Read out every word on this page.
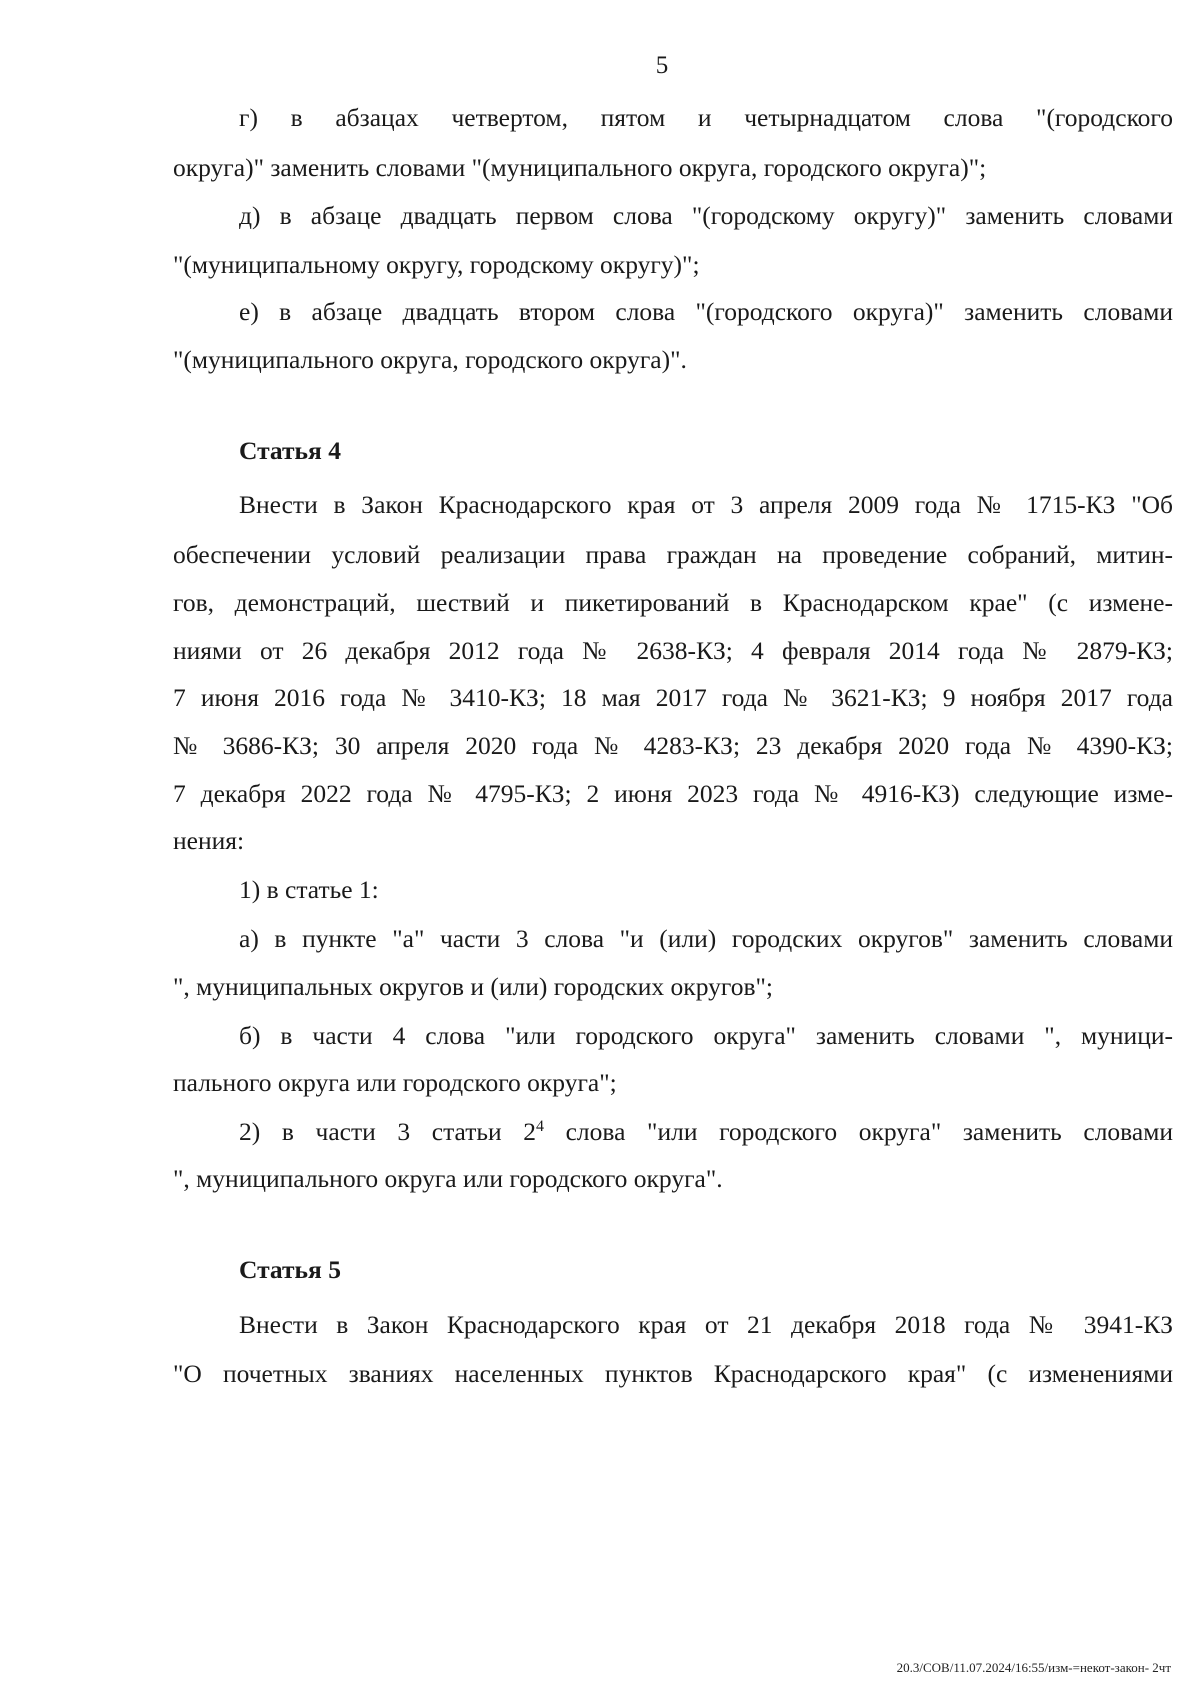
5
г) в абзацах четвертом, пятом и четырнадцатом слова "(городского
округа)" заменить словами "(муниципального округа, городского округа)";
д) в абзаце двадцать первом слова "(городскому округу)" заменить словами
"(муниципальному округу, городскому округу)";
е) в абзаце двадцать втором слова "(городского округа)" заменить словами
"(муниципального округа, городского округа)".
Статья 4
Внести в Закон Краснодарского края от 3 апреля 2009 года № 1715-КЗ "Об
обеспечении условий реализации права граждан на проведение собраний, митин-
гов, демонстраций, шествий и пикетирований в Краснодарском крае" (с измене-
ниями от 26 декабря 2012 года № 2638-КЗ; 4 февраля 2014 года № 2879-КЗ;
7 июня 2016 года № 3410-КЗ; 18 мая 2017 года № 3621-КЗ; 9 ноября 2017 года
№ 3686-КЗ; 30 апреля 2020 года № 4283-КЗ; 23 декабря 2020 года № 4390-КЗ;
7 декабря 2022 года № 4795-КЗ; 2 июня 2023 года № 4916-КЗ) следующие изме-
нения:
1) в статье 1:
а) в пункте "а" части 3 слова "и (или) городских округов" заменить словами
", муниципальных округов и (или) городских округов";
б) в части 4 слова "или городского округа" заменить словами ", муници-
пального округа или городского округа";
2) в части 3 статьи $2^4$ слова "или городского округа" заменить словами
", муниципального округа или городского округа".
Статья 5
Внести в Закон Краснодарского края от 21 декабря 2018 года № 3941-КЗ
"О почетных званиях населенных пунктов Краснодарского края" (с изменениями
20.3/СОВ/11.07.2024/16:55/изм-=некот-закон- 2чт
